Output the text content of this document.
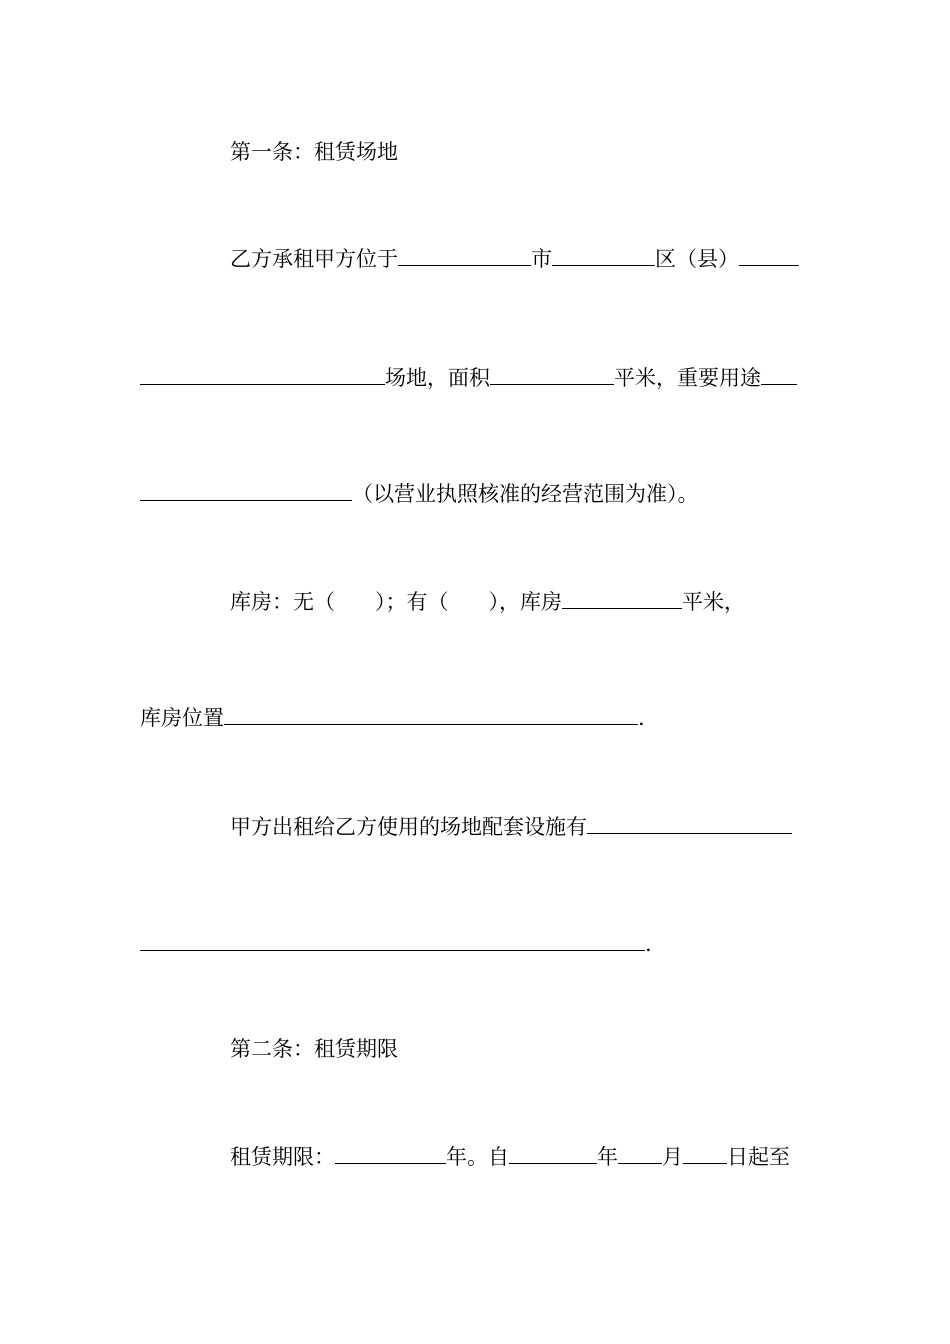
第一条：租赁场地
乙方承租甲方位于	市	区（县）
场地，面积	平米，重要用途
（以营业执照核准的经营范围为准）。
库房：无（ ）；有（ ），库房	平米，
库房位置	.
甲方出租给乙方使用的场地配套设施有
.
第二条：租赁期限
租赁期限：	年。自	年 月 日起至
